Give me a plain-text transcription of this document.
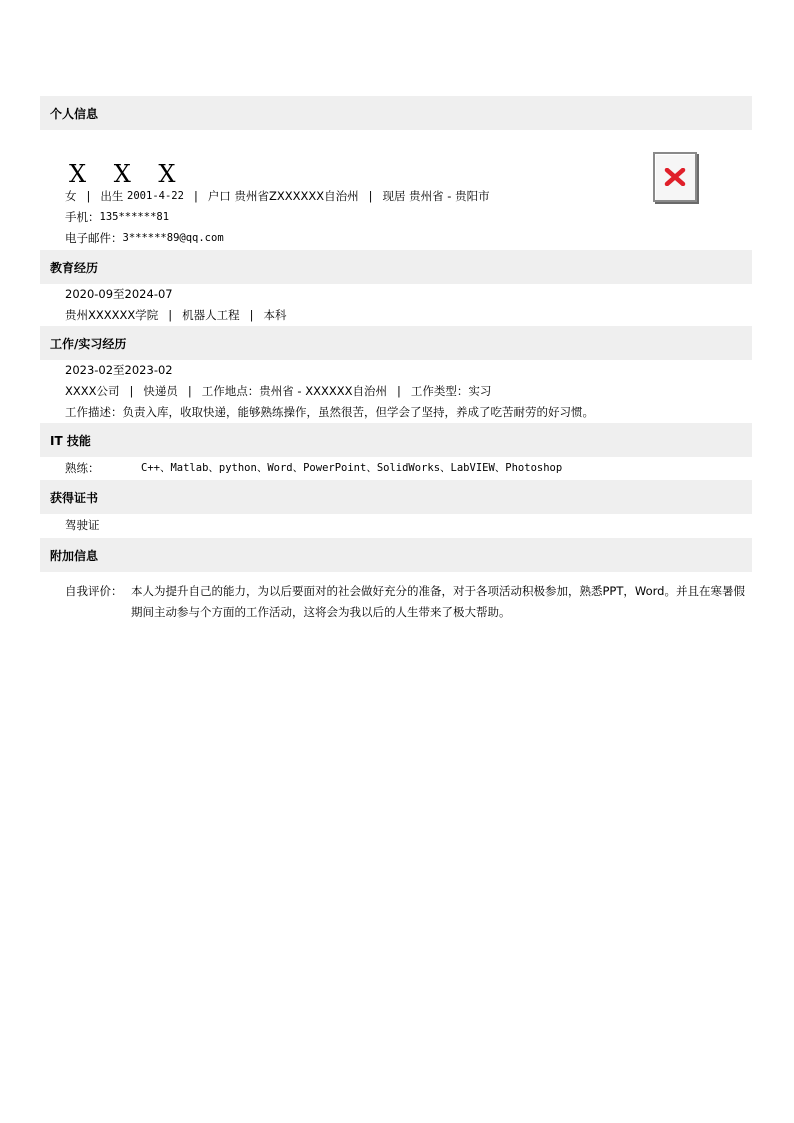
个人信息
X X X
女 | 出生
2001-4-22 | 户口
贵州省ZXXXXXX自治州 | 现居
贵州省 - 贵阳市
手机： 135******81
电子邮件： 3******89@qq.com
教育经历
2020-09至2024-07
贵州XXXXXX学院 | 机器人工程 | 本科
工作/实习经历
2023-02至2023-02
XXXX公司 | 快递员 | 工作地点：贵州省 - XXXXXX自治州 | 工作类型：实习
工作描述：负责入库，收取快递，能够熟练操作，虽然很苦，但学会了坚持，养成了吃苦耐劳的好习惯。
IT 技能
熟练：	C++、Matlab、python、Word、PowerPoint、SolidWorks、LabVIEW、Photoshop
获得证书
驾驶证
附加信息
自我评价： 本人为提升自己的能力，为以后要面对的社会做好充分的准备，对于各项活动积极参加，熟悉PPT，Word。并且在寒暑假期间主动参与个方面的工作活动，这将会为我以后的人生带来了极大帮助。
